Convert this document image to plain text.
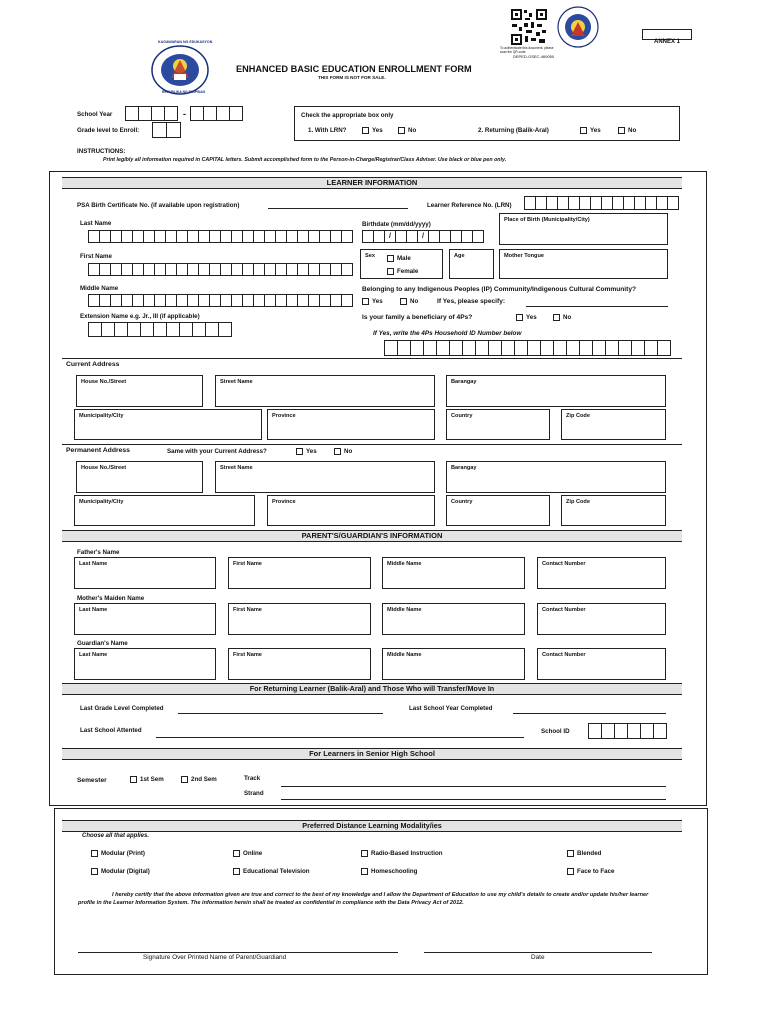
To authenticate this document, please scan the QR code
DEPED-OSEC-469050
ANNEX 1
KAGAWARAN NG EDUKASYON
REPUBLIKA NG PILIPINAS
ENHANCED BASIC EDUCATION ENROLLMENT FORM
THIS FORM IS NOT FOR SALE.
School Year	-
Grade level to Enroll:
Check the appropriate box only
1. With LRN?	Yes	No	2. Returning (Balik-Aral)	Yes	No
INSTRUCTIONS:
Print legibly all information required in CAPITAL letters. Submit accomplished form to the Person-in-Charge/Registrar/Class Adviser. Use black or blue pen only.
LEARNER INFORMATION
PSA Birth Certificate No. (if available upon registration)	Learner Reference No. (LRN)
Last Name	Birthdate (mm/dd/yyyy)
/	/
Place of Birth (Municipality/City)
First Name	Sex	Male
Female
Age	Mother Tongue
Middle Name	Belonging to any Indigenous Peoples (IP) Community/Indigenous Cultural Community?
Yes	No	If Yes, please specify:
Extension Name e.g. Jr., III (if applicable)	Is your family a beneficiary of 4Ps?	Yes	No
If Yes, write the 4Ps Household ID Number below
Current Address
House No./Street	Street Name	Barangay
Municipality/City	Province	Country	Zip Code
Permanent Address	Same with your Current Address?	Yes	No
House No./Street	Street Name	Barangay
Municipality/City	Province	Country	Zip Code
PARENT'S/GUARDIAN'S INFORMATION
Father's Name
Last Name	First Name	Middle Name	Contact Number
Mother's Maiden Name
Last Name	First Name	Middle Name	Contact Number
Guardian's Name
Last Name	First Name	Middle Name	Contact Number
For Returning Learner (Balik-Aral) and Those Who will Transfer/Move In
Last Grade Level Completed	Last School Year Completed
Last School Attented	School ID
For Learners in Senior High School
Semester	1st Sem	2nd Sem	Track
Strand
Preferred Distance Learning Modality/ies
Choose all that applies.
Modular (Print)	Online	Radio-Based Instruction	Blended
Modular (Digital)	Educational Television	Homeschooling	Face to Face
I hereby certify that the above information given are true and correct to the best of my knowledge and I allow the Department of Education to use my child's details to create and/or update his/her learner profile in the Learner Information System. The information herein shall be treated as confidential in compliance with the Data Privacy Act of 2012.
Signature Over Printed Name of Parent/Guardiand	Date
